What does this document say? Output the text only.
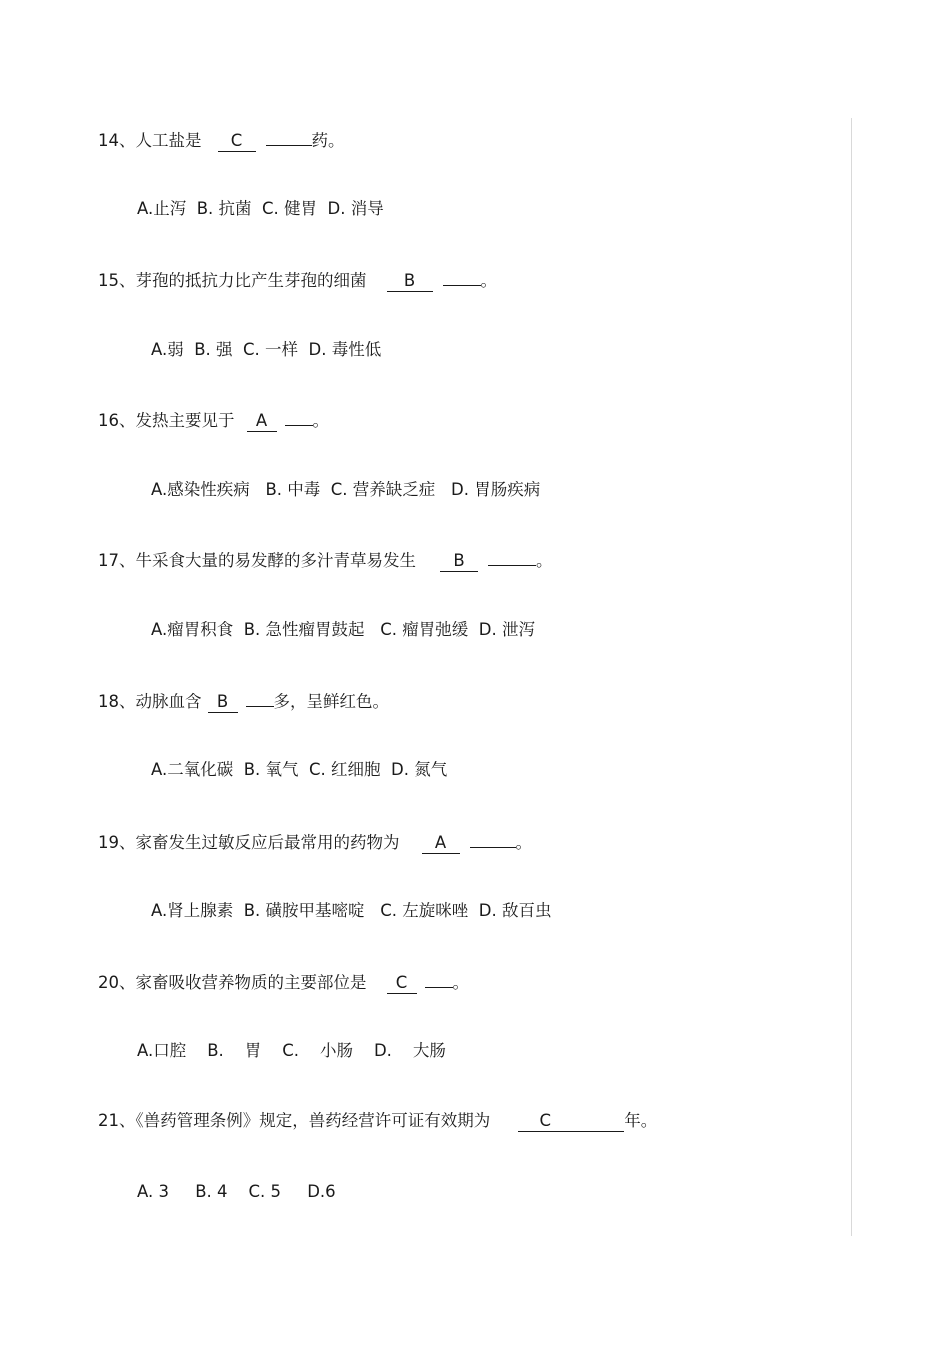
14、人工盐是 C	药。
A.止泻  B. 抗菌  C. 健胃  D. 消导
15、芽孢的抵抗力比产生芽孢的细菌 B	。
A.弱  B. 强  C. 一样  D. 毒性低
16、发热主要见于 A	。
A.感染性疾病   B. 中毒  C. 营养缺乏症   D. 胃肠疾病
17、牛采食大量的易发酵的多汁青草易发生 B	。
A.瘤胃积食  B. 急性瘤胃鼓起   C. 瘤胃弛缓  D. 泄泻
18、动脉血含 B	多，呈鲜红色。
A.二氧化碳  B. 氧气  C. 红细胞  D. 氮气
19、家畜发生过敏反应后最常用的药物为 A	。
A.肾上腺素  B. 磺胺甲基嘧啶   C. 左旋咪唑  D. 敌百虫
20、家畜吸收营养物质的主要部位是 C	。
A.口腔    B.    胃    C.    小肠    D.    大肠
21、《兽药管理条例》规定，兽药经营许可证有效期为	C	年。
A. 3     B. 4    C. 5     D.6
